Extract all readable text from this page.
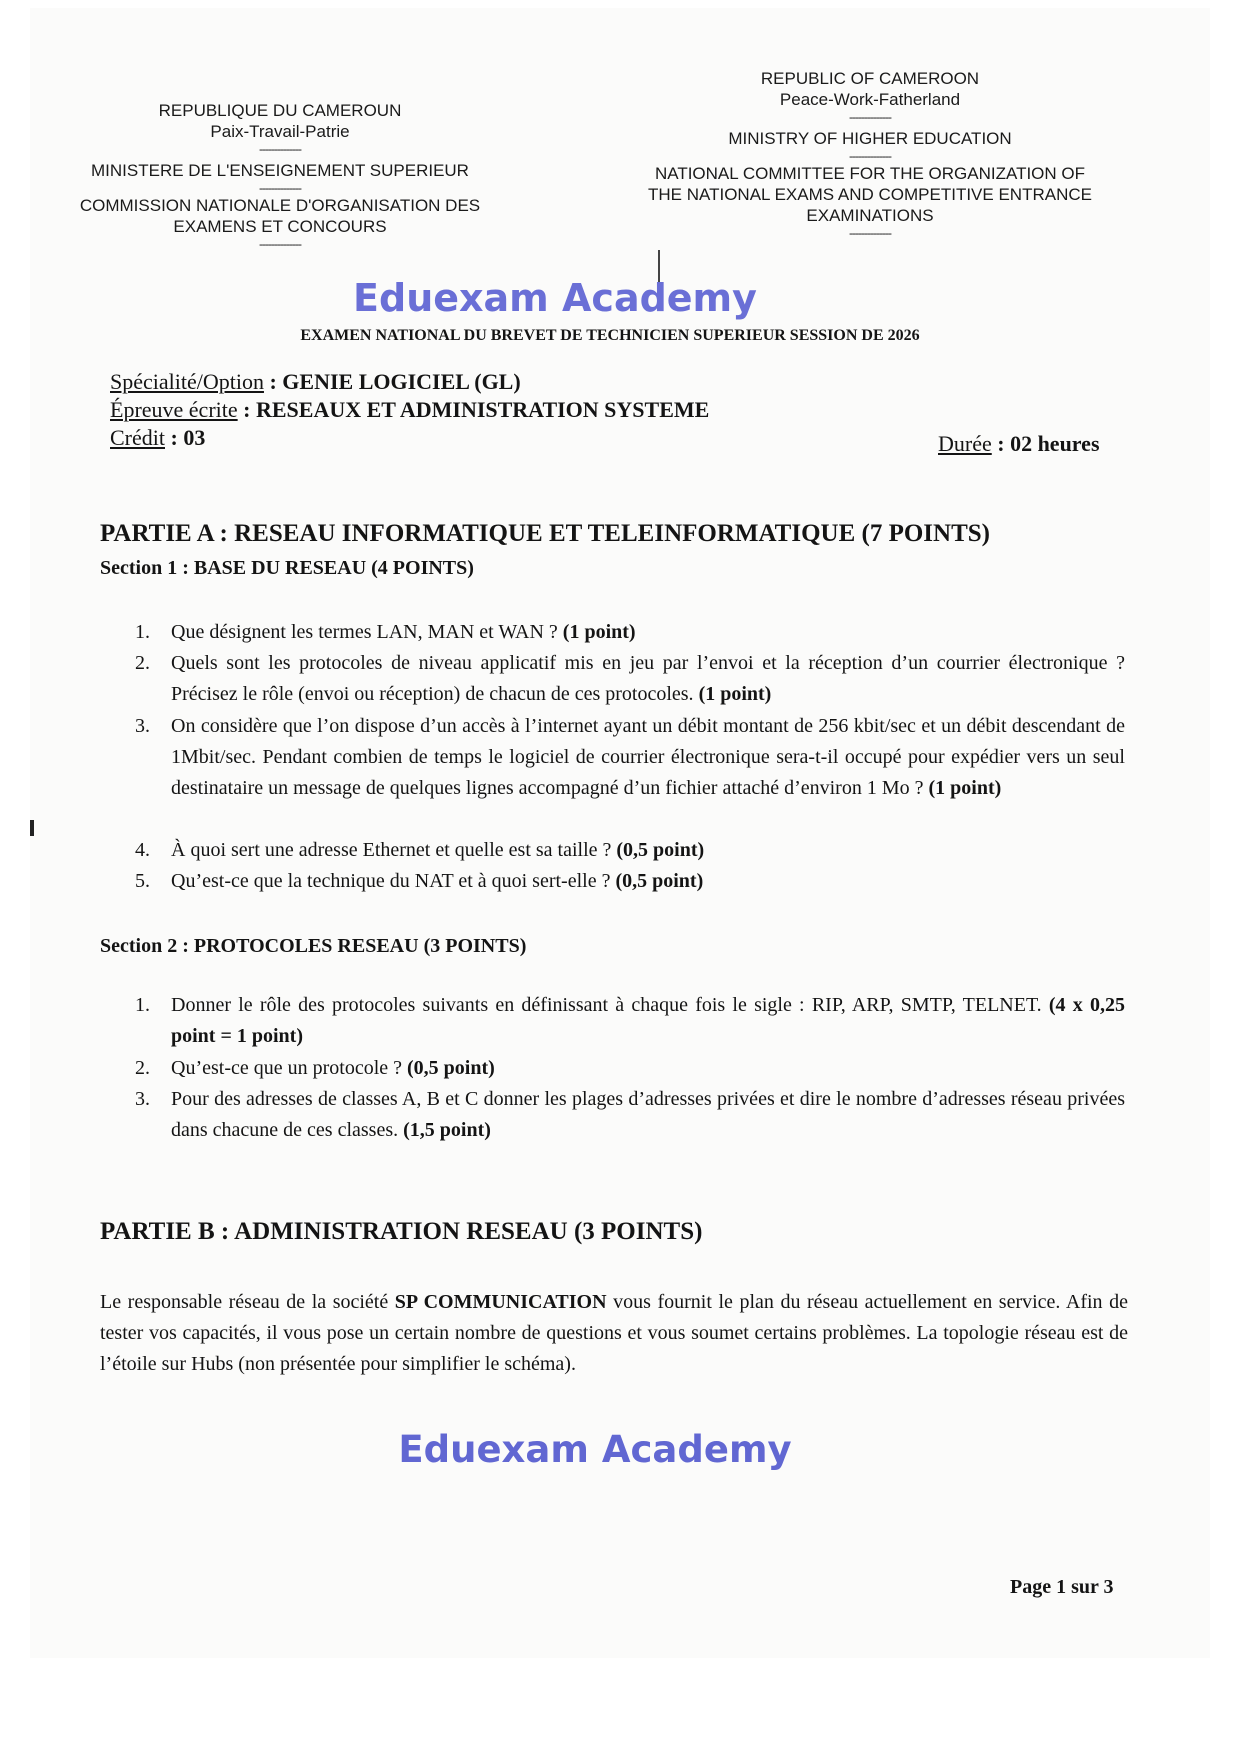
REPUBLIQUE DU CAMEROUN
Paix-Travail-Patrie
--------------
MINISTERE DE L'ENSEIGNEMENT SUPERIEUR
--------------
COMMISSION NATIONALE D'ORGANISATION DES
EXAMENS ET CONCOURS
--------------
REPUBLIC OF CAMEROON
Peace-Work-Fatherland
--------------
MINISTRY OF HIGHER EDUCATION
--------------
NATIONAL COMMITTEE FOR THE ORGANIZATION OF
THE NATIONAL EXAMS AND COMPETITIVE ENTRANCE
EXAMINATIONS
--------------
Eduexam Academy
EXAMEN NATIONAL DU BREVET DE TECHNICIEN SUPERIEUR SESSION DE 2026
Spécialité/Option : GENIE LOGICIEL (GL)
Épreuve écrite : RESEAUX ET ADMINISTRATION SYSTEME
Crédit : 03	Durée : 02 heures
PARTIE A : RESEAU INFORMATIQUE ET TELEINFORMATIQUE (7 POINTS)
Section 1 : BASE DU RESEAU (4 POINTS)
1.	Que désignent les termes LAN, MAN et WAN ? (1 point)
2.	Quels sont les protocoles de niveau applicatif mis en jeu par l’envoi et la réception d’un courrier électronique ? Précisez le rôle (envoi ou réception) de chacun de ces protocoles. (1 point)
3.	On considère que l’on dispose d’un accès à l’internet ayant un débit montant de 256 kbit/sec et un débit descendant de 1Mbit/sec. Pendant combien de temps le logiciel de courrier électronique sera-t-il occupé pour expédier vers un seul destinataire un message de quelques lignes accompagné d’un fichier attaché d’environ 1 Mo ? (1 point)
4.	À quoi sert une adresse Ethernet et quelle est sa taille ? (0,5 point)
5.	Qu’est-ce que la technique du NAT et à quoi sert-elle ? (0,5 point)
Section 2 : PROTOCOLES RESEAU (3 POINTS)
1.	Donner le rôle des protocoles suivants en définissant à chaque fois le sigle : RIP, ARP, SMTP, TELNET. (4 x 0,25 point = 1 point)
2.	Qu’est-ce que un protocole ? (0,5 point)
3.	Pour des adresses de classes A, B et C donner les plages d’adresses privées et dire le nombre d’adresses réseau privées dans chacune de ces classes. (1,5 point)
PARTIE B : ADMINISTRATION RESEAU (3 POINTS)
Le responsable réseau de la société SP COMMUNICATION vous fournit le plan du réseau actuellement en service. Afin de tester vos capacités, il vous pose un certain nombre de questions et vous soumet certains problèmes. La topologie réseau est de l’étoile sur Hubs (non présentée pour simplifier le schéma).
Eduexam Academy
Page 1 sur 3
